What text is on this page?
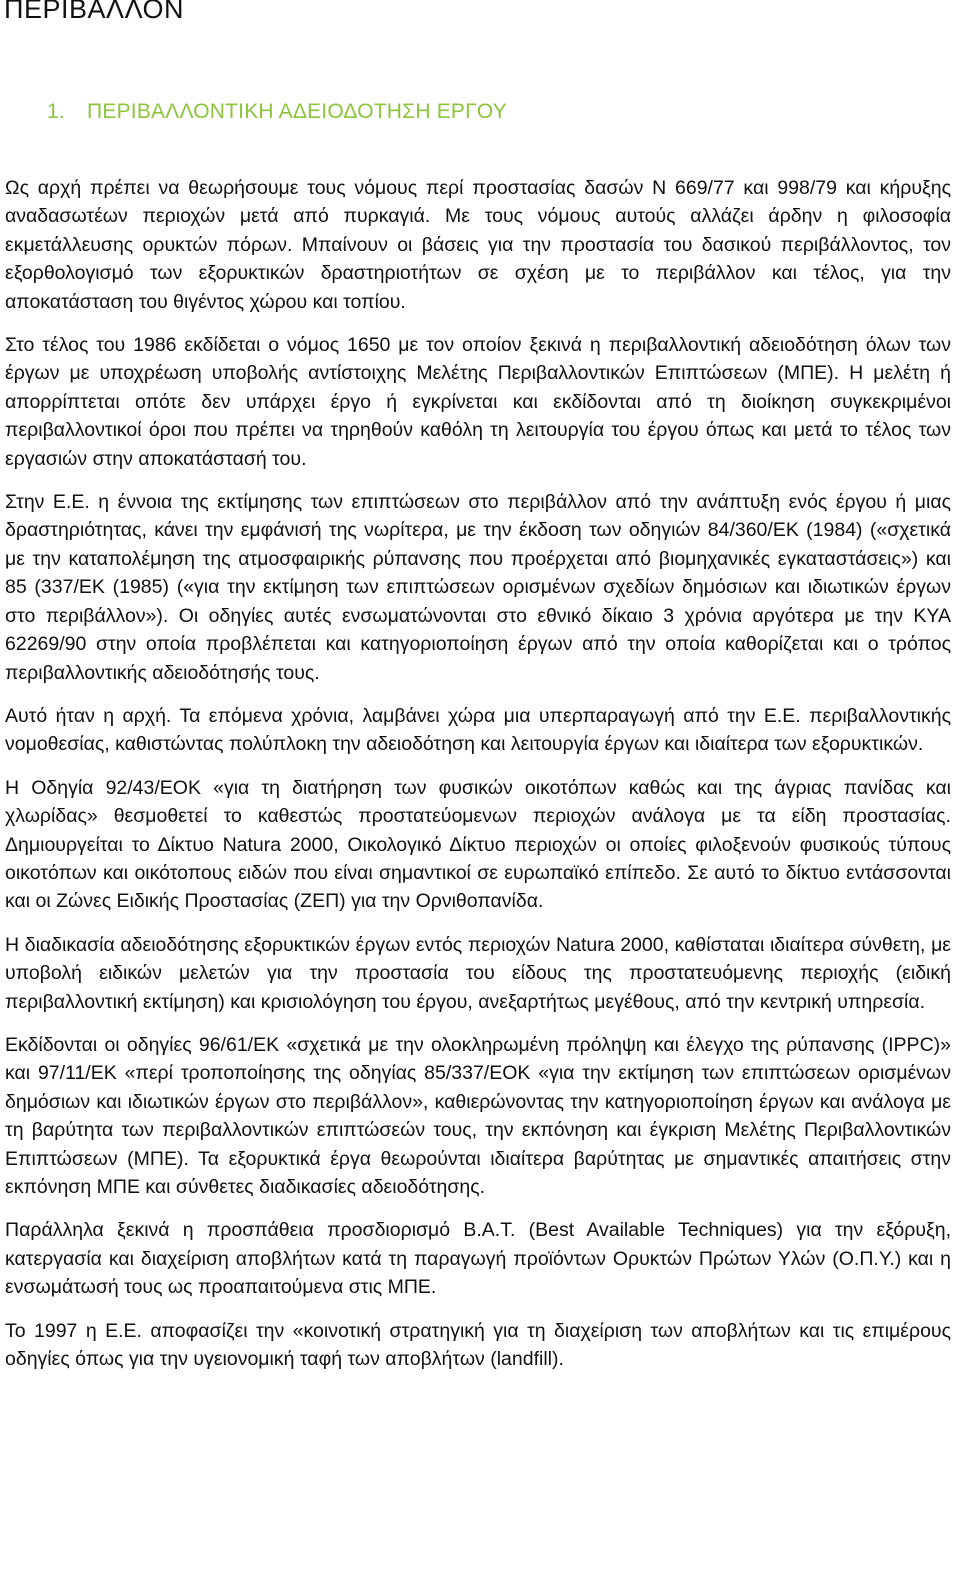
ΠΕΡΙΒΑΛΛΟΝ
1. ΠΕΡΙΒΑΛΛΟΝΤΙΚΗ ΑΔΕΙΟΔΟΤΗΣΗ ΕΡΓΟΥ

Ως αρχή πρέπει να θεωρήσουμε τους νόμους περί προστασίας δασών Ν 669/77 και 998/79 και κήρυξης αναδασωτέων περιοχών μετά από πυρκαγιά. Με τους νόμους αυτούς αλλάζει άρδην η φιλοσοφία εκμετάλλευσης ορυκτών πόρων. Μπαίνουν οι βάσεις για την προστασία του δασικού περιβάλλοντος, τον εξορθολογισμό των εξορυκτικών δραστηριοτήτων σε σχέση με το περιβάλλον και τέλος, για την αποκατάσταση του θιγέντος χώρου και τοπίου.

Στο τέλος του 1986 εκδίδεται ο νόμος 1650 με τον οποίον ξεκινά η περιβαλλοντική αδειοδότηση όλων των έργων με υποχρέωση υποβολής αντίστοιχης Μελέτης Περιβαλλοντικών Επιπτώσεων (ΜΠΕ). Η μελέτη ή απορρίπτεται οπότε δεν υπάρχει έργο ή εγκρίνεται και εκδίδονται από τη διοίκηση συγκεκριμένοι περιβαλλοντικοί όροι που πρέπει να τηρηθούν καθόλη τη λειτουργία του έργου όπως και μετά το τέλος των εργασιών στην αποκατάστασή του.

Στην Ε.Ε. η έννοια της εκτίμησης των επιπτώσεων στο περιβάλλον από την ανάπτυξη ενός έργου ή μιας δραστηριότητας, κάνει την εμφάνισή της νωρίτερα, με την έκδοση των οδηγιών 84/360/ΕΚ (1984) («σχετικά με την καταπολέμηση της ατμοσφαιρικής ρύπανσης που προέρχεται από βιομηχανικές εγκαταστάσεις») και 85 (337/ΕΚ (1985) («για την εκτίμηση των επιπτώσεων ορισμένων σχεδίων δημόσιων και ιδιωτικών έργων στο περιβάλλον»). Οι οδηγίες αυτές ενσωματώνονται στο εθνικό δίκαιο 3 χρόνια αργότερα με την ΚΥΑ 62269/90 στην οποία προβλέπεται και κατηγοριοποίηση έργων από την οποία καθορίζεται και ο τρόπος περιβαλλοντικής αδειοδότησής τους.

Αυτό ήταν η αρχή. Τα επόμενα χρόνια, λαμβάνει χώρα μια υπερπαραγωγή από την Ε.Ε. περιβαλλοντικής νομοθεσίας, καθιστώντας πολύπλοκη την αδειοδότηση και λειτουργία έργων και ιδιαίτερα των εξορυκτικών.

Η Οδηγία 92/43/ΕΟΚ «για τη διατήρηση των φυσικών οικοτόπων καθώς και της άγριας πανίδας και χλωρίδας» θεσμοθετεί το καθεστώς προστατεύομενων περιοχών ανάλογα με τα είδη προστασίας. Δημιουργείται το Δίκτυο Natura 2000, Οικολογικό Δίκτυο περιοχών οι οποίες φιλοξενούν φυσικούς τύπους οικοτόπων και οικότοπους ειδών που είναι σημαντικοί σε ευρωπαϊκό επίπεδο. Σε αυτό το δίκτυο εντάσσονται και οι Ζώνες Ειδικής Προστασίας (ΖΕΠ) για την Ορνιθοπανίδα.

Η διαδικασία αδειοδότησης εξορυκτικών έργων εντός περιοχών Natura 2000, καθίσταται ιδιαίτερα σύνθετη, με υποβολή ειδικών μελετών για την προστασία του είδους της προστατευόμενης περιοχής (ειδική περιβαλλοντική εκτίμηση) και κρισιολόγηση του έργου, ανεξαρτήτως μεγέθους, από την κεντρική υπηρεσία.

Εκδίδονται οι οδηγίες 96/61/ΕΚ «σχετικά με την ολοκληρωμένη πρόληψη και έλεγχο της ρύπανσης (IPPC)» και 97/11/ΕΚ «περί τροποποίησης της οδηγίας 85/337/ΕΟΚ «για την εκτίμηση των επιπτώσεων ορισμένων δημόσιων και ιδιωτικών έργων στο περιβάλλον», καθιερώνοντας την κατηγοριοποίηση έργων και ανάλογα με τη βαρύτητα των περιβαλλοντικών επιπτώσεών τους, την εκπόνηση και έγκριση Μελέτης Περιβαλλοντικών Επιπτώσεων (ΜΠΕ). Τα εξορυκτικά έργα θεωρούνται ιδιαίτερα βαρύτητας με σημαντικές απαιτήσεις στην εκπόνηση ΜΠΕ και σύνθετες διαδικασίες αδειοδότησης.

Παράλληλα ξεκινά η προσπάθεια προσδιορισμό Β.Α.Τ. (Best Available Techniques) για την εξόρυξη, κατεργασία και διαχείριση αποβλήτων κατά τη παραγωγή προϊόντων Ορυκτών Πρώτων Υλών (Ο.Π.Υ.) και η ενσωμάτωσή τους ως προαπαιτούμενα στις ΜΠΕ.

Το 1997 η Ε.Ε. αποφασίζει την «κοινοτική στρατηγική για τη διαχείριση των αποβλήτων και τις επιμέρους οδηγίες όπως για την υγειονομική ταφή των αποβλήτων (landfill).
